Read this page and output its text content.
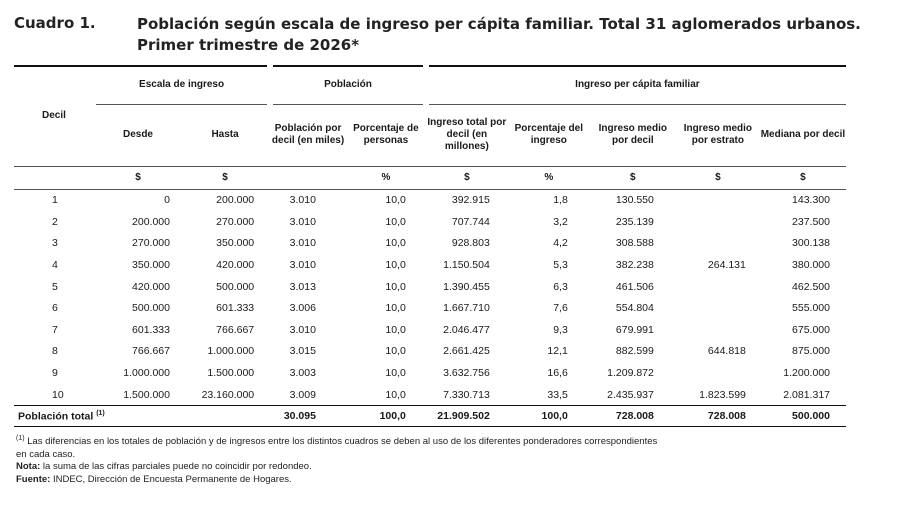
Cuadro 1.	Población según escala de ingreso per cápita familiar. Total 31 aglomerados urbanos.
Primer trimestre de 2026*
Decil	Escala de ingreso		Población		Ingreso per cápita familiar				
	Desde	Hasta	Población por decil (en miles)	Porcentaje de personas	Ingreso total por decil (en millones)	Porcentaje del ingreso	Ingreso medio por decil	Ingreso medio por estrato	Mediana por decil
	$	$		%	$	%	$	$	$
1	0	200.000	3.010	10,0	392.915	1,8	130.550		143.300
2	200.000	270.000	3.010	10,0	707.744	3,2	235.139		237.500
3	270.000	350.000	3.010	10,0	928.803	4,2	308.588		300.138
4	350.000	420.000	3.010	10,0	1.150.504	5,3	382.238	264.131	380.000
5	420.000	500.000	3.013	10,0	1.390.455	6,3	461.506		462.500
6	500.000	601.333	3.006	10,0	1.667.710	7,6	554.804		555.000
7	601.333	766.667	3.010	10,0	2.046.477	9,3	679.991		675.000
8	766.667	1.000.000	3.015	10,0	2.661.425	12,1	882.599	644.818	875.000
9	1.000.000	1.500.000	3.003	10,0	3.632.756	16,6	1.209.872		1.200.000
10	1.500.000	23.160.000	3.009	10,0	7.330.713	33,5	2.435.937	1.823.599	2.081.317
Población total $^{(1)}$			30.095	100,0	21.909.502	100,0	728.008	728.008	500.000

$^{(1)}$ Las diferencias en los totales de población y de ingresos entre los distintos cuadros se deben al uso de los diferentes ponderadores correspondientes
en cada caso.

Nota: la suma de las cifras parciales puede no coincidir por redondeo.

Fuente: INDEC, Dirección de Encuesta Permanente de Hogares.
